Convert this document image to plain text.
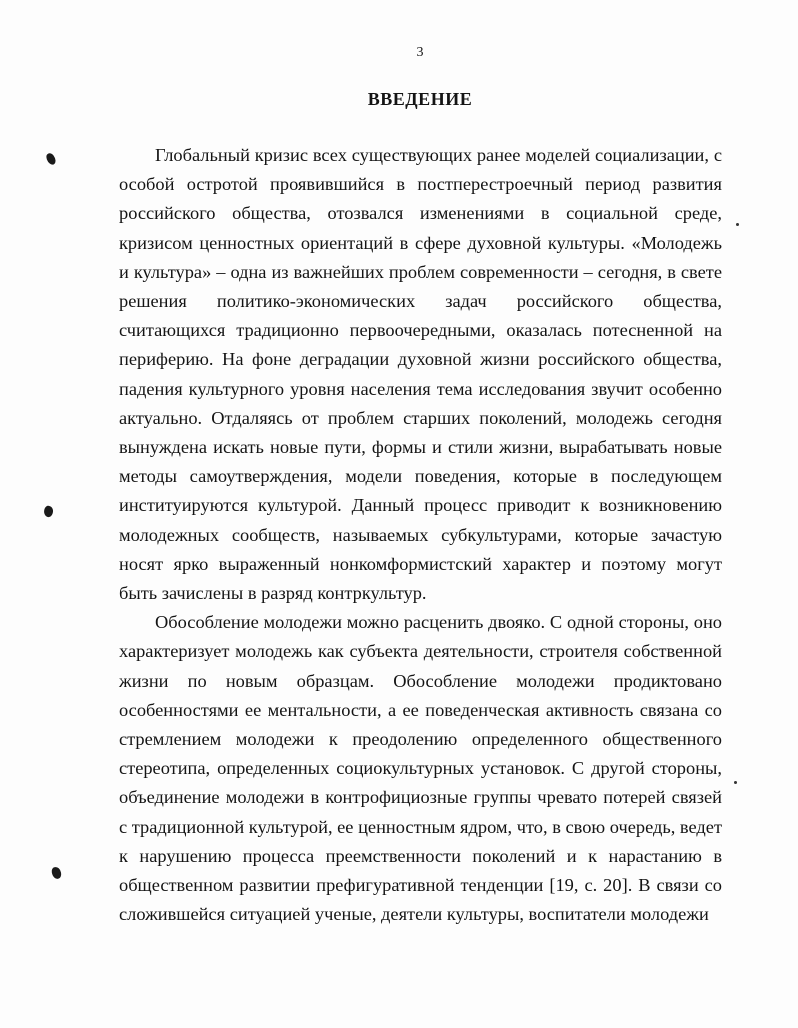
3
ВВЕДЕНИЕ

Глобальный кризис всех существующих ранее моделей социализации, с особой остротой проявившийся в постперестроечный период развития российского общества, отозвался изменениями в социальной среде, кризисом ценностных ориентаций в сфере духовной культуры. «Молодежь и культура» – одна из важнейших проблем современности – сегодня, в свете решения политико-экономических задач российского общества, считающихся традиционно первоочередными, оказалась потесненной на периферию. На фоне деградации духовной жизни российского общества, падения культурного уровня населения тема исследования звучит особенно актуально. Отдаляясь от проблем старших поколений, молодежь сегодня вынуждена искать новые пути, формы и стили жизни, вырабатывать новые методы самоутверждения, модели поведения, которые в последующем институируются культурой. Данный процесс приводит к возникновению молодежных сообществ, называемых субкультурами, которые зачастую носят ярко выраженный нонкомформистский характер и поэтому могут быть зачислены в разряд контркультур.

Обособление молодежи можно расценить двояко. С одной стороны, оно характеризует молодежь как субъекта деятельности, строителя собственной жизни по новым образцам. Обособление молодежи продиктовано особенностями ее ментальности, а ее поведенческая активность связана со стремлением молодежи к преодолению определенного общественного стереотипа, определенных социокультурных установок. С другой стороны, объединение молодежи в контрофициозные группы чревато потерей связей с традиционной культурой, ее ценностным ядром, что, в свою очередь, ведет к нарушению процесса преемственности поколений и к нарастанию в общественном развитии префигуративной тенденции [19, с. 20]. В связи со сложившейся ситуацией ученые, деятели культуры, воспитатели молодежи
